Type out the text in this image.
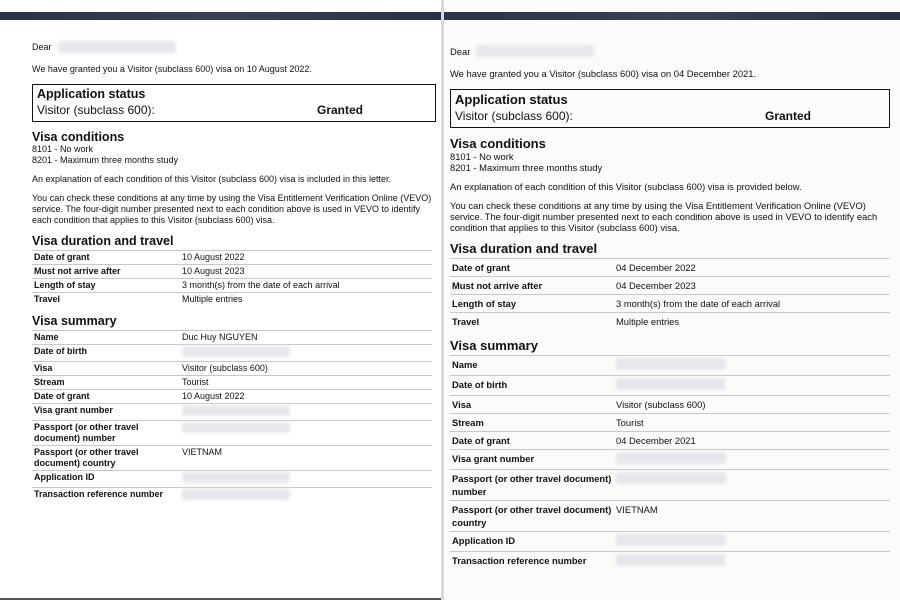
Dear
We have granted you a Visitor (subclass 600) visa on 10 August 2022.
Application status
Visitor (subclass 600):	Granted
Visa conditions
8101 - No work
8201 - Maximum three months study
An explanation of each condition of this Visitor (subclass 600) visa is included in this letter.
You can check these conditions at any time by using the Visa Entitlement Verification Online (VEVO) service. The four-digit number presented next to each condition above is used in VEVO to identify each condition that applies to this Visitor (subclass 600) visa.
Visa duration and travel
Date of grant	10 August 2022
Must not arrive after	10 August 2023
Length of stay	3 month(s) from the date of each arrival
Travel	Multiple entries
Visa summary
Name	Duc Huy NGUYEN
Date of birth	
Visa	Visitor (subclass 600)
Stream	Tourist
Date of grant	10 August 2022
Visa grant number	
Passport (or other travel document) number	
Passport (or other travel document) country	VIETNAM
Application ID	
Transaction reference number	
Dear
We have granted you a Visitor (subclass 600) visa on 04 December 2021.
Application status
Visitor (subclass 600):	Granted
Visa conditions
8101 - No work
8201 - Maximum three months study
An explanation of each condition of this Visitor (subclass 600) visa is provided below.
You can check these conditions at any time by using the Visa Entitlement Verification Online (VEVO) service. The four-digit number presented next to each condition above is used in VEVO to identify each condition that applies to this Visitor (subclass 600) visa.
Visa duration and travel
Date of grant	04 December 2022
Must not arrive after	04 December 2023
Length of stay	3 month(s) from the date of each arrival
Travel	Multiple entries
Visa summary
Name	
Date of birth	
Visa	Visitor (subclass 600)
Stream	Tourist
Date of grant	04 December 2021
Visa grant number	
Passport (or other travel document) number	
Passport (or other travel document) country	VIETNAM
Application ID	
Transaction reference number	
